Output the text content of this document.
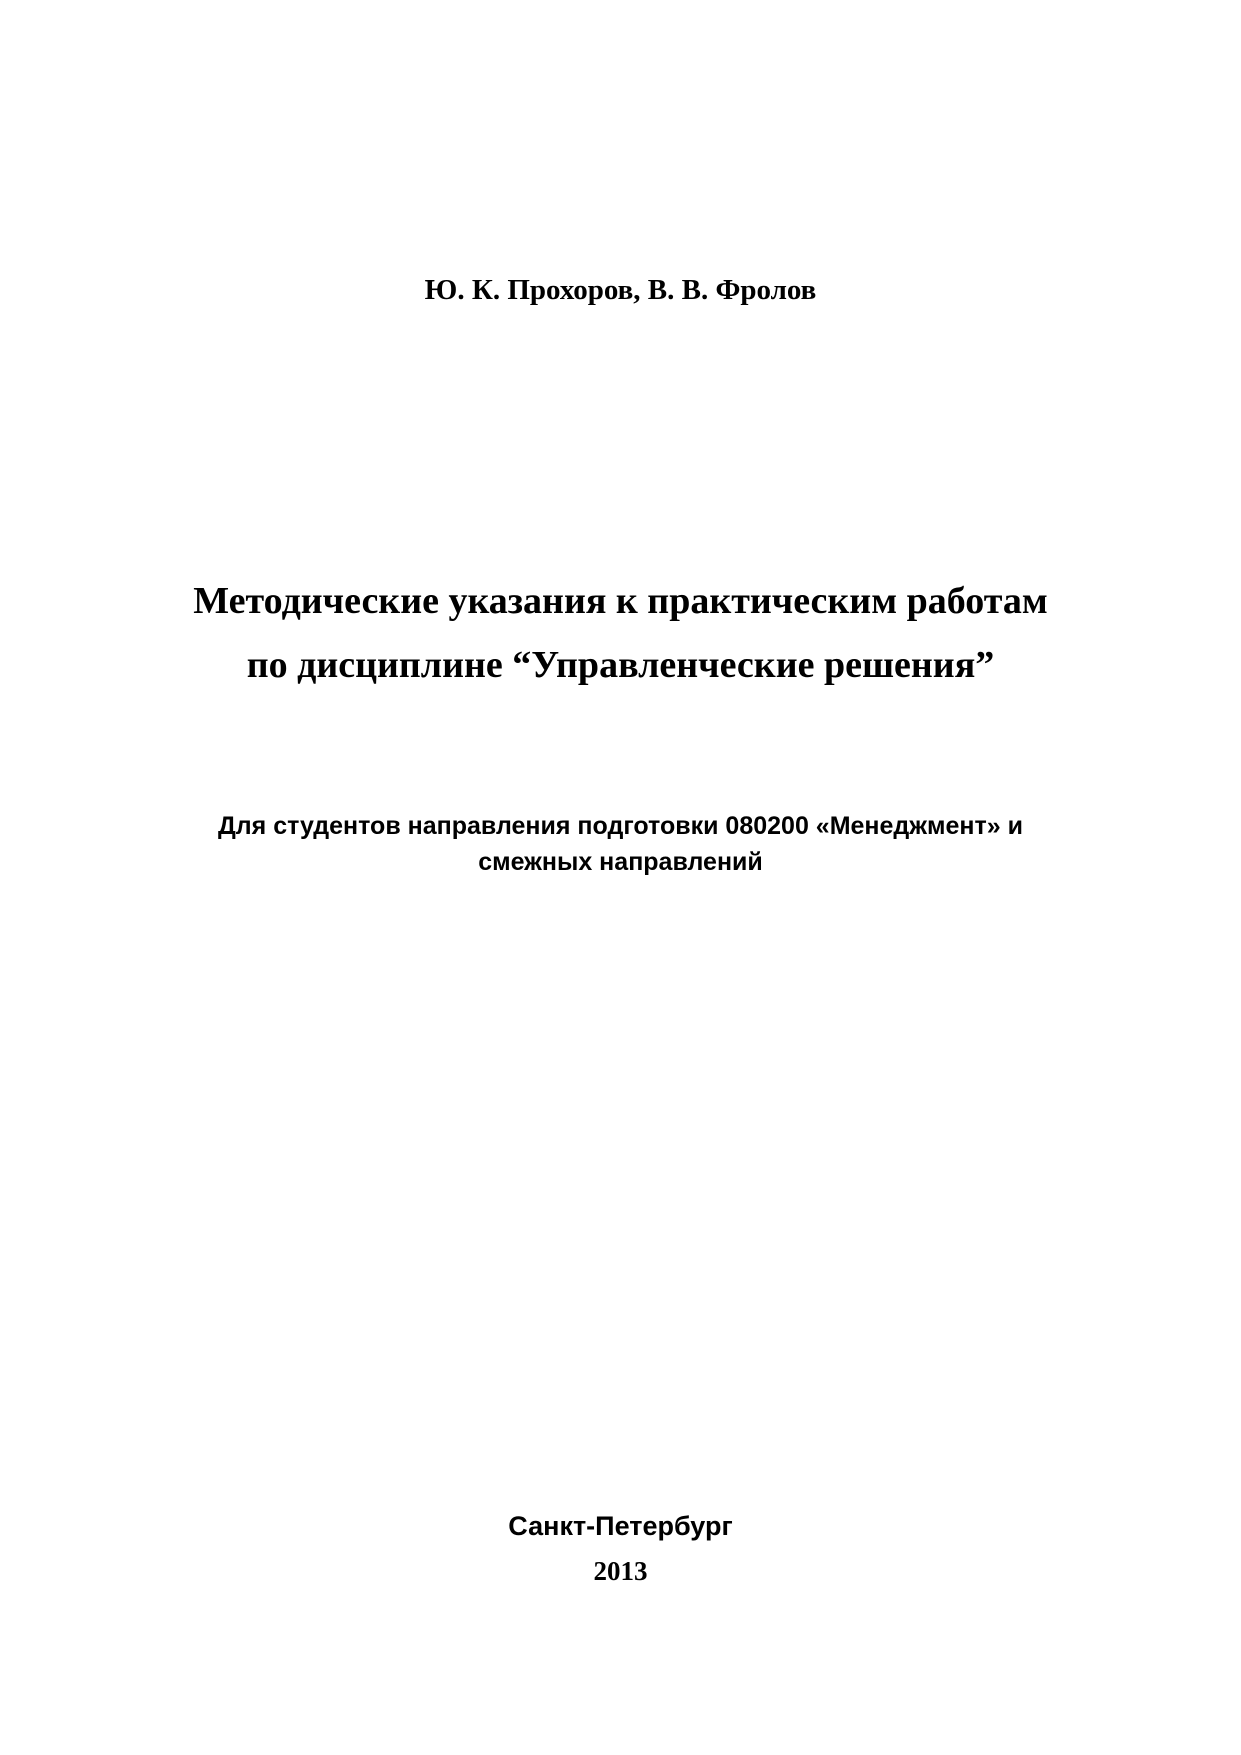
Ю. К. Прохоров, В. В. Фролов

Методические указания к практическим работам

по дисциплине “Управленческие решения”

Для студентов направления подготовки 080200 «Менеджмент» и

смежных направлений

Санкт-Петербург

2013
